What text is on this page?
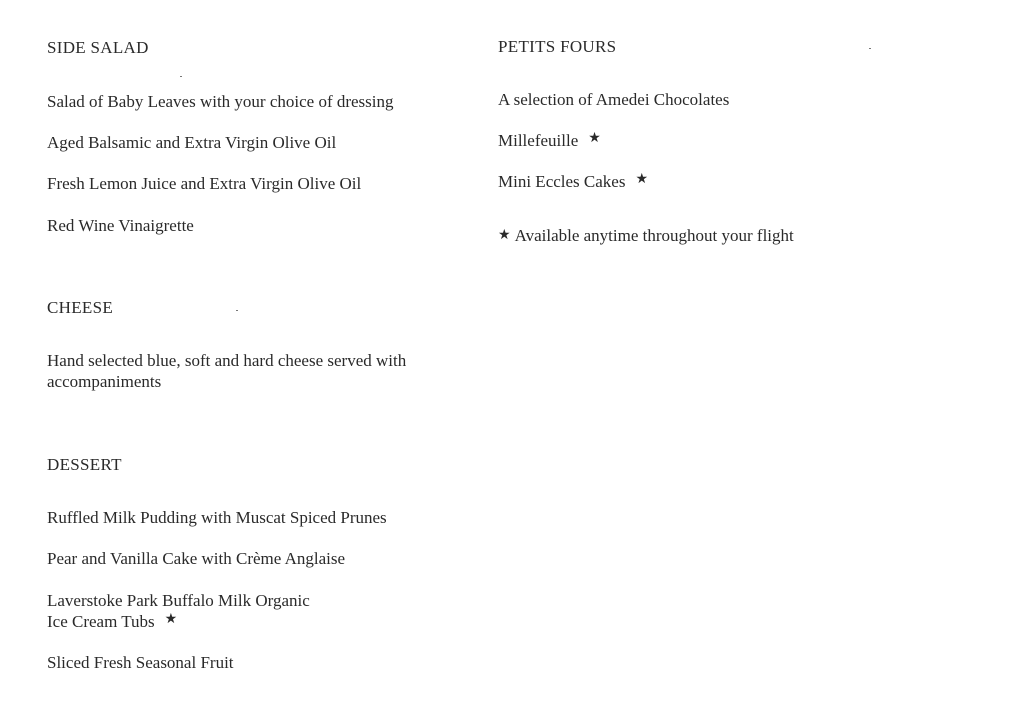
SIDE SALAD
Salad of Baby Leaves with your choice of dressing
Aged Balsamic and Extra Virgin Olive Oil
Fresh Lemon Juice and Extra Virgin Olive Oil
Red Wine Vinaigrette
CHEESE
Hand selected blue, soft and hard cheese served with accompaniments
DESSERT
Ruffled Milk Pudding with Muscat Spiced Prunes
Pear and Vanilla Cake with Crème Anglaise
Laverstoke Park Buffalo Milk Organic
Ice Cream Tubs ★
Sliced Fresh Seasonal Fruit
PETITS FOURS
A selection of Amedei Chocolates
Millefeuille ★
Mini Eccles Cakes ★
★ Available anytime throughout your flight
